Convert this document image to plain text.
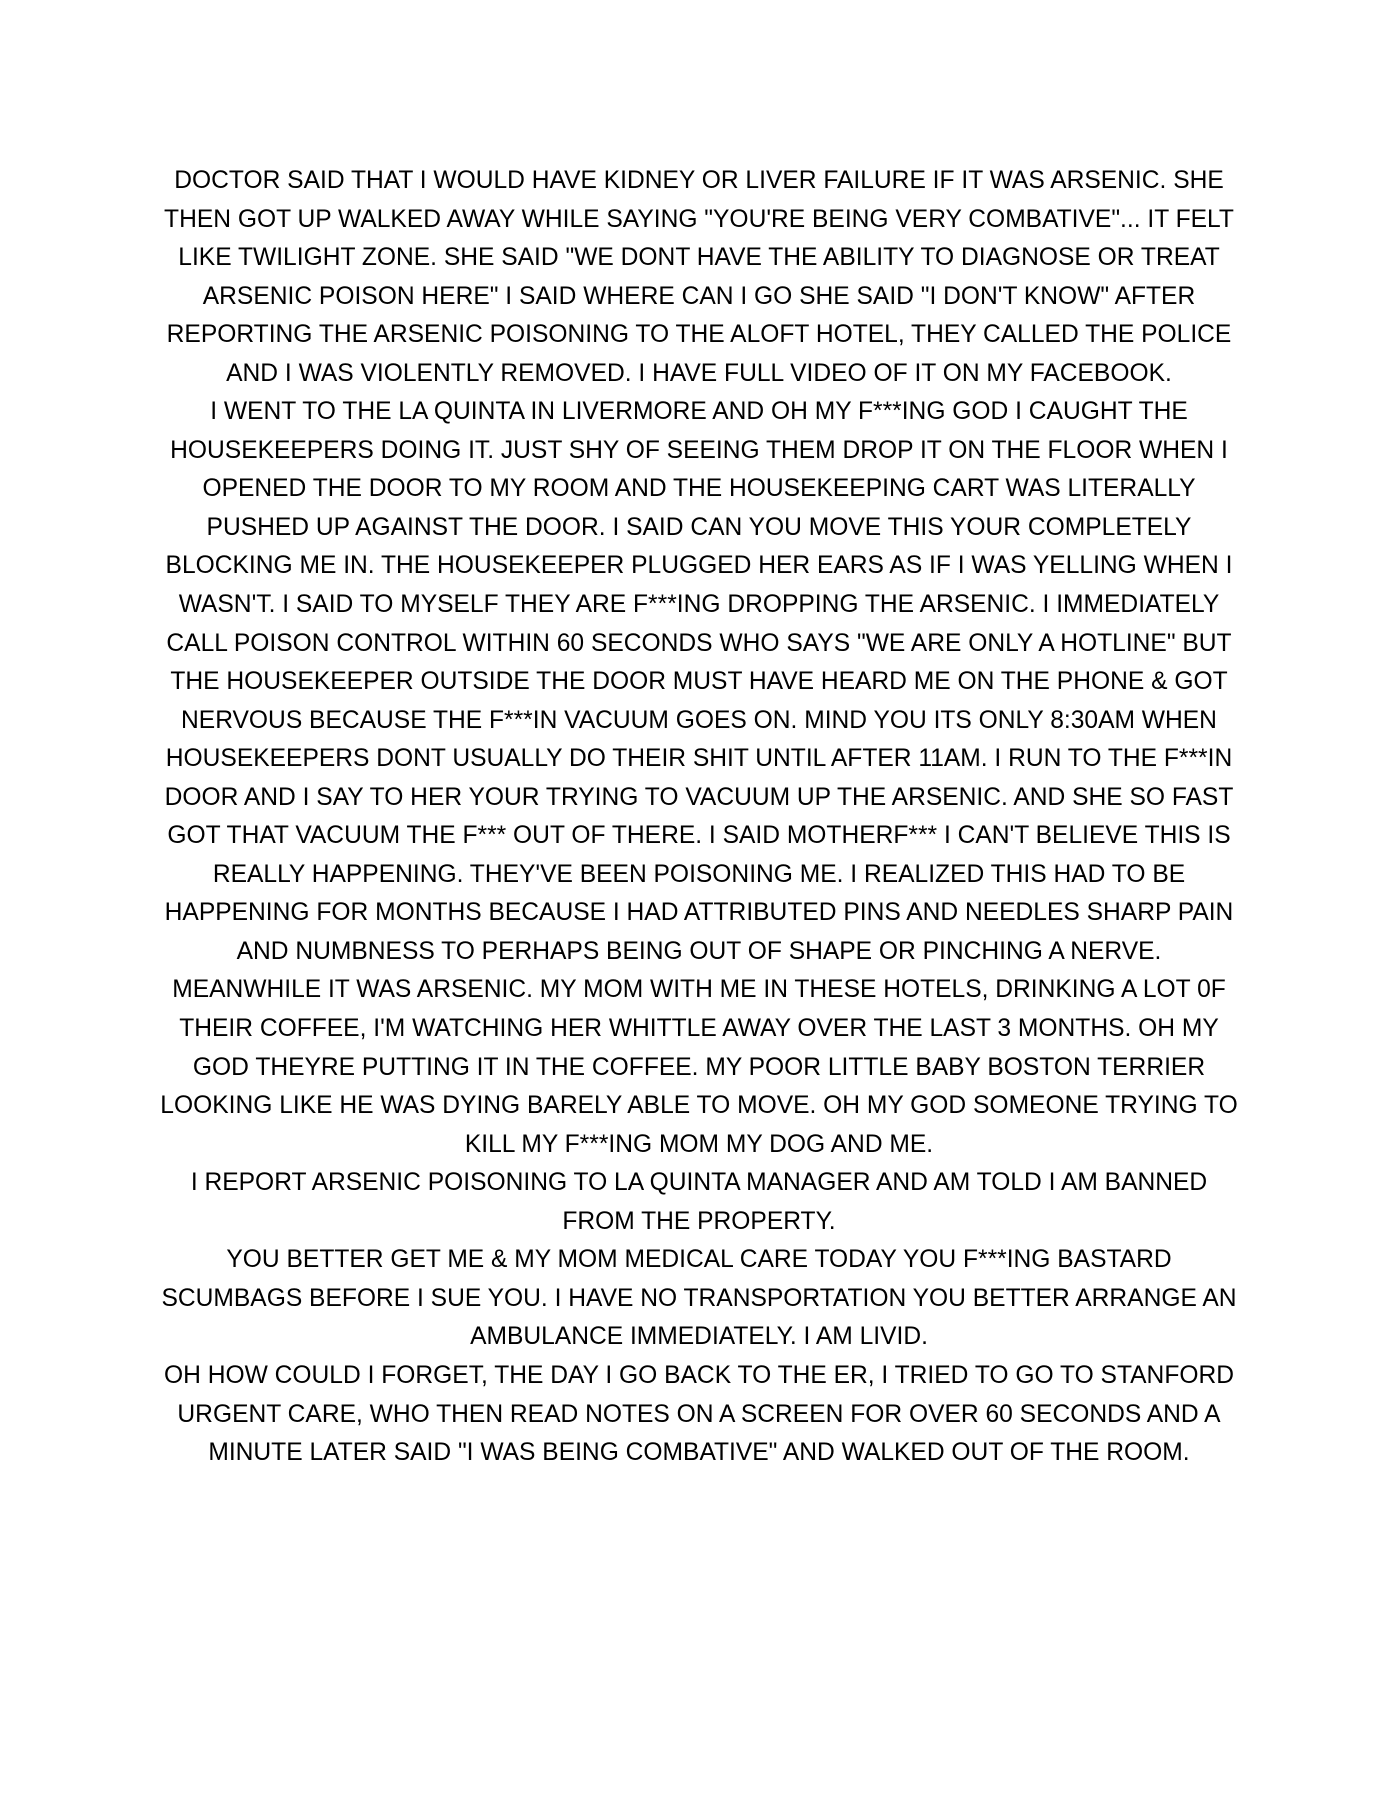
DOCTOR SAID THAT I WOULD HAVE KIDNEY OR LIVER FAILURE IF IT WAS ARSENIC. SHE THEN GOT UP WALKED AWAY WHILE SAYING "YOU'RE BEING VERY COMBATIVE"... IT FELT LIKE TWILIGHT ZONE. SHE SAID "WE DONT HAVE THE ABILITY TO DIAGNOSE OR TREAT ARSENIC POISON HERE" I SAID WHERE CAN I GO SHE SAID "I DON'T KNOW" AFTER REPORTING THE ARSENIC POISONING TO THE ALOFT HOTEL, THEY CALLED THE POLICE AND I WAS VIOLENTLY REMOVED. I HAVE FULL VIDEO OF IT ON MY FACEBOOK.

I WENT TO THE LA QUINTA IN LIVERMORE AND OH MY F***ING GOD I CAUGHT THE HOUSEKEEPERS DOING IT. JUST SHY OF SEEING THEM DROP IT ON THE FLOOR WHEN I OPENED THE DOOR TO MY ROOM AND THE HOUSEKEEPING CART WAS LITERALLY PUSHED UP AGAINST THE DOOR. I SAID CAN YOU MOVE THIS YOUR COMPLETELY BLOCKING ME IN. THE HOUSEKEEPER PLUGGED HER EARS AS IF I WAS YELLING WHEN I WASN'T. I SAID TO MYSELF THEY ARE F***ING DROPPING THE ARSENIC. I IMMEDIATELY CALL POISON CONTROL WITHIN 60 SECONDS WHO SAYS "WE ARE ONLY A HOTLINE" BUT THE HOUSEKEEPER OUTSIDE THE DOOR MUST HAVE HEARD ME ON THE PHONE & GOT NERVOUS BECAUSE THE F***IN VACUUM GOES ON. MIND YOU ITS ONLY 8:30AM WHEN HOUSEKEEPERS DONT USUALLY DO THEIR SHIT UNTIL AFTER 11AM. I RUN TO THE F***IN DOOR AND I SAY TO HER YOUR TRYING TO VACUUM UP THE ARSENIC. AND SHE SO FAST GOT THAT VACUUM THE F*** OUT OF THERE. I SAID MOTHERF*** I CAN'T BELIEVE THIS IS REALLY HAPPENING. THEY'VE BEEN POISONING ME. I REALIZED THIS HAD TO BE HAPPENING FOR MONTHS BECAUSE I HAD ATTRIBUTED PINS AND NEEDLES SHARP PAIN AND NUMBNESS TO PERHAPS BEING OUT OF SHAPE OR PINCHING A NERVE. MEANWHILE IT WAS ARSENIC. MY MOM WITH ME IN THESE HOTELS, DRINKING A LOT 0F THEIR COFFEE, I'M WATCHING HER WHITTLE AWAY OVER THE LAST 3 MONTHS. OH MY GOD THEYRE PUTTING IT IN THE COFFEE. MY POOR LITTLE BABY BOSTON TERRIER LOOKING LIKE HE WAS DYING BARELY ABLE TO MOVE. OH MY GOD SOMEONE TRYING TO KILL MY F***ING MOM MY DOG AND ME.

I REPORT ARSENIC POISONING TO LA QUINTA MANAGER AND AM TOLD I AM BANNED FROM THE PROPERTY.

YOU BETTER GET ME & MY MOM MEDICAL CARE TODAY YOU F***ING BASTARD SCUMBAGS BEFORE I SUE YOU. I HAVE NO TRANSPORTATION YOU BETTER ARRANGE AN AMBULANCE IMMEDIATELY. I AM LIVID.

OH HOW COULD I FORGET, THE DAY I GO BACK TO THE ER, I TRIED TO GO TO STANFORD URGENT CARE, WHO THEN READ NOTES ON A SCREEN FOR OVER 60 SECONDS AND A MINUTE LATER SAID "I WAS BEING COMBATIVE" AND WALKED OUT OF THE ROOM.
